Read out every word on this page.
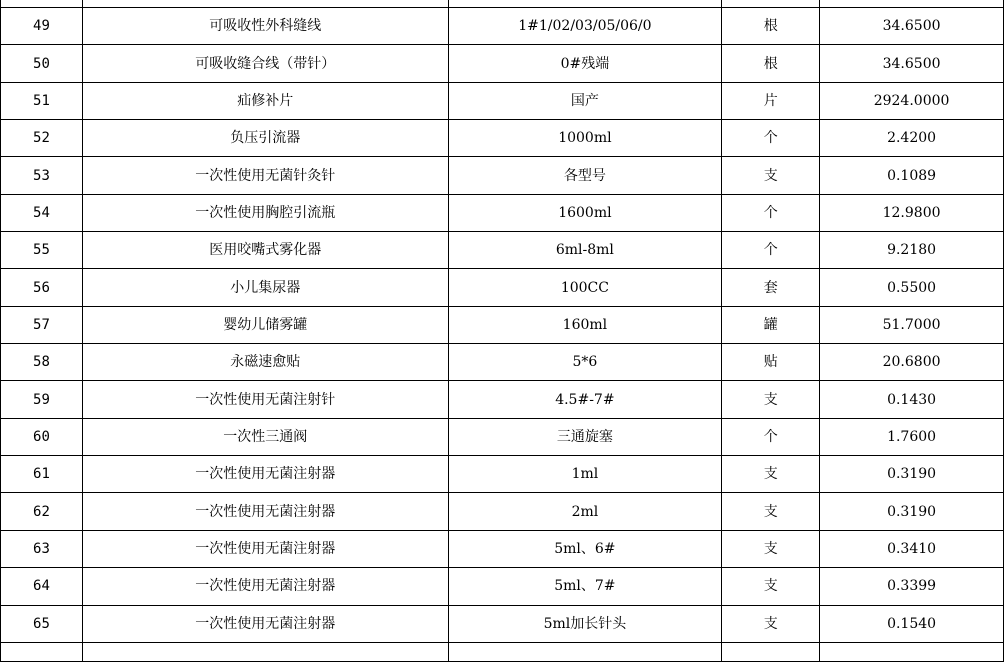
49	可吸收性外科缝线	1#1/02/03/05/06/0	根	34.6500
50	可吸收缝合线（带针）	0#残端	根	34.6500
51	疝修补片	国产	片	2924.0000
52	负压引流器	1000ml	个	2.4200
53	一次性使用无菌针灸针	各型号	支	0.1089
54	一次性使用胸腔引流瓶	1600ml	个	12.9800
55	医用咬嘴式雾化器	6ml-8ml	个	9.2180
56	小儿集尿器	100CC	套	0.5500
57	婴幼儿储雾罐	160ml	罐	51.7000
58	永磁速愈贴	5*6	贴	20.6800
59	一次性使用无菌注射针	4.5#-7#	支	0.1430
60	一次性三通阀	三通旋塞	个	1.7600
61	一次性使用无菌注射器	1ml	支	0.3190
62	一次性使用无菌注射器	2ml	支	0.3190
63	一次性使用无菌注射器	5ml、6#	支	0.3410
64	一次性使用无菌注射器	5ml、7#	支	0.3399
65	一次性使用无菌注射器	5ml加长针头	支	0.1540
